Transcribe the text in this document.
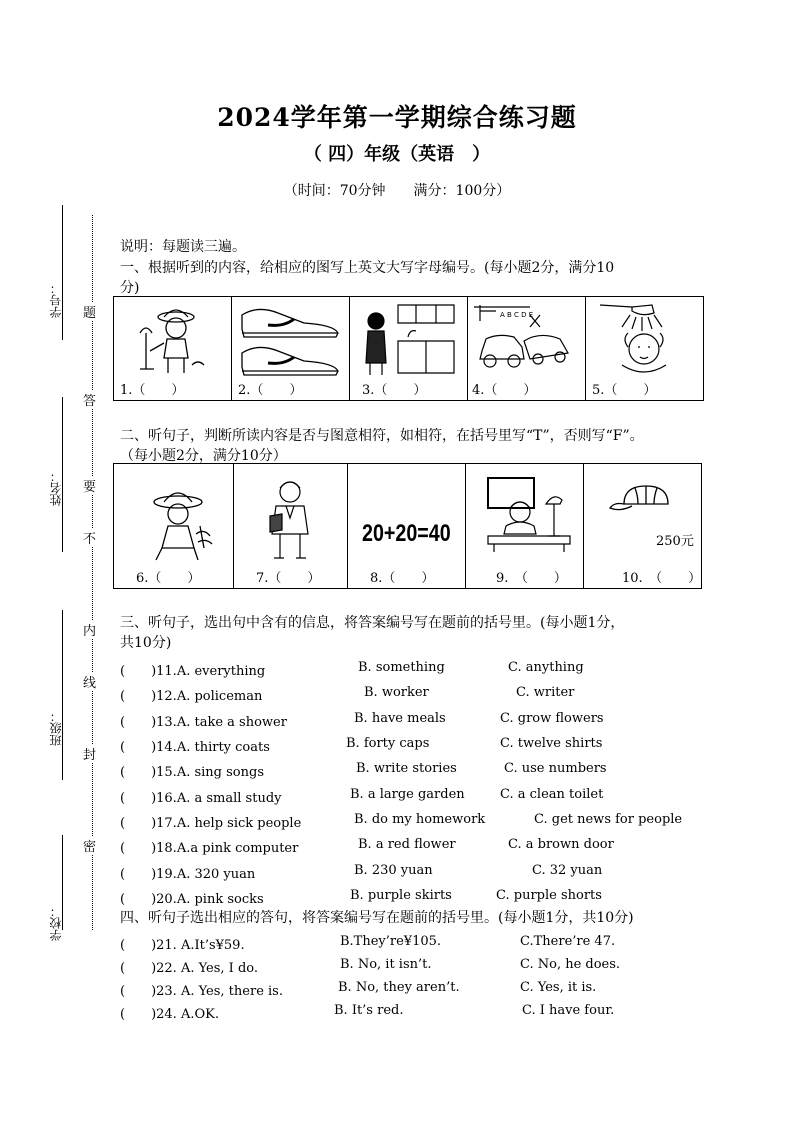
2024学年第一学期综合练习题
（ 四）年级（英语　）
（时间：70分钟　　满分：100分）
学号：
姓名：
班级：
学校：
题
答
要
不
内
线
封
密
说明：每题读三遍。
一、根据听到的内容，给相应的图写上英文大写字母编号。(每小题2分，满分10
分)
1.（　　）	2.（　　）	3.（　　）

A B C D E
4.（　　）	5.（　　）
二、听句子，判断所读内容是否与图意相符，如相符，在括号里写“T”，否则写“F”。
（每小题2分，满分10分）
6.（　　）	7.（　　）

20+20=40
8.（　　）	9.　（　　）

250元
10.　（　　）
三、听句子，选出句中含有的信息，将答案编号写在题前的括号里。(每小题1分，
共10分)
(　　)11.A. everything	B. something	C. anything
(　　)12.A. policeman	B. worker	C. writer
(　　)13.A. take a shower	B. have meals	C. grow flowers
(　　)14.A. thirty coats	B. forty caps	C. twelve shirts
(　　)15.A. sing songs	B. write stories	C. use numbers
(　　)16.A. a small study	B. a large garden	C. a clean toilet
(　　)17.A. help sick people	B. do my homework	C. get news for people
(　　)18.A.a pink computer	B. a red flower	C. a brown door
(　　)19.A. 320 yuan	B. 230 yuan	C. 32 yuan
(　　)20.A. pink socks	B. purple skirts	C. purple shorts
四、听句子选出相应的答句，将答案编号写在题前的括号里。(每小题1分，共10分)
(　　)21. A.It’s¥59.	B.They’re¥105.	C.There’re 47.
(　　)22. A. Yes, I do.	B. No, it isn’t.	C. No, he does.
(　　)23. A. Yes, there is.	B. No, they aren’t.	C. Yes, it is.
(　　)24. A.OK.	B. It’s red.	C. I have four.
